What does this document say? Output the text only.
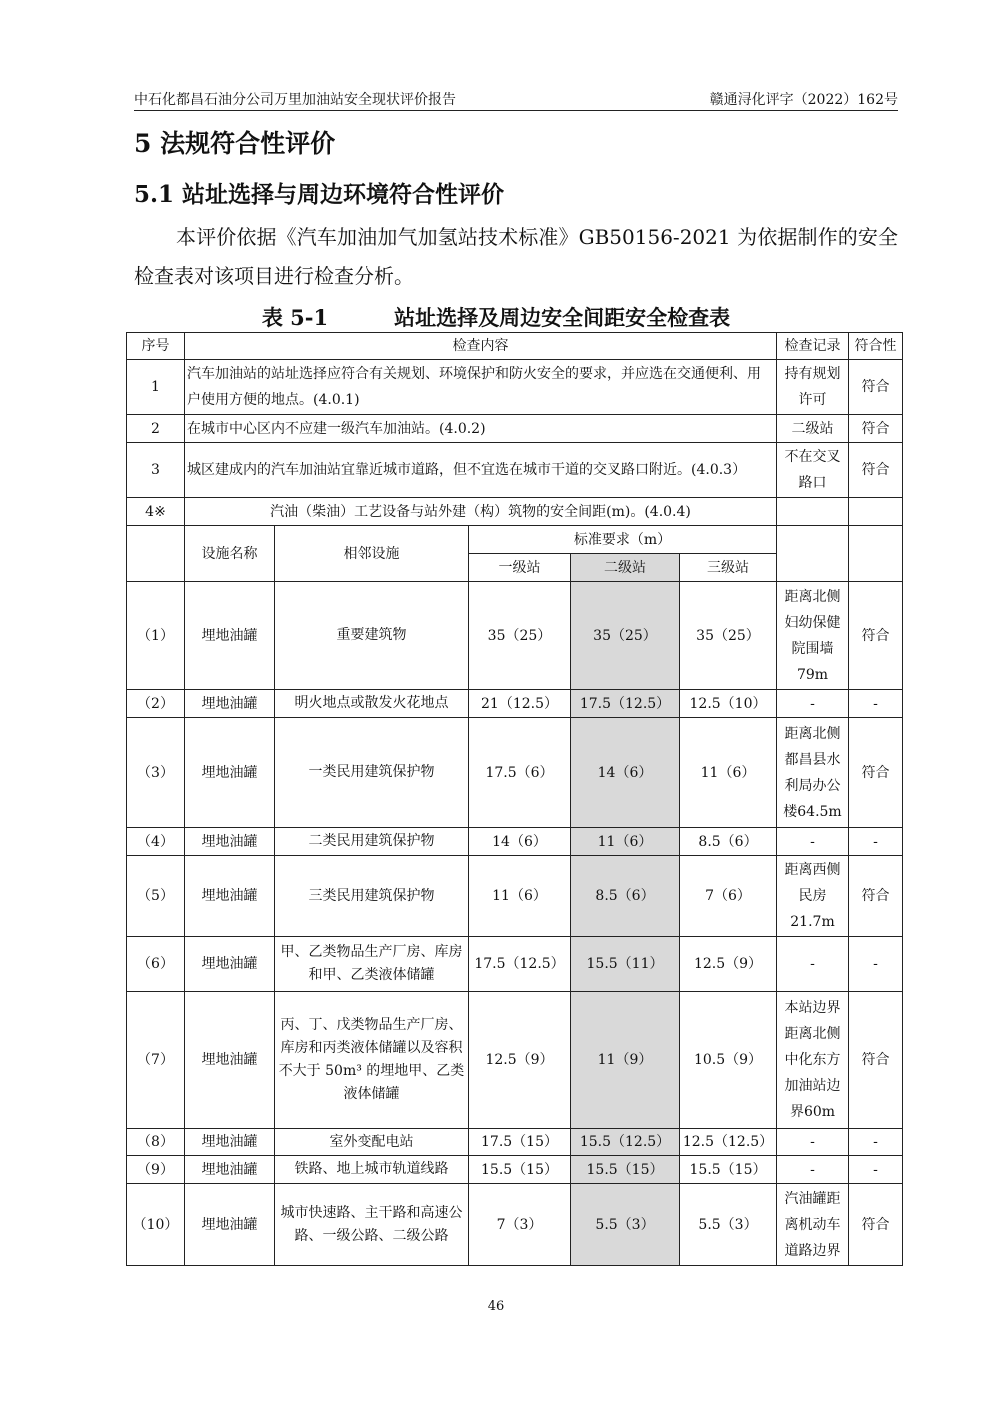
中石化都昌石油分公司万里加油站安全现状评价报告	赣通浔化评字（2022）162号
5 法规符合性评价
5.1 站址选择与周边环境符合性评价

本评价依据《汽车加油加气加氢站技术标准》GB50156-2021 为依据制作的安全检查表对该项目进行检查分析。

表 5-1	站址选择及周边安全间距安全检查表
序号	检查内容					检查记录	符合性
1	汽车加油站的站址选择应符合有关规划、环境保护和防火安全的要求，并应选在交通便利、用户使用方便的地点。(4.0.1)					持有规划许可	符合
2	在城市中心区内不应建一级汽车加油站。(4.0.2)					二级站	符合
3	城区建成内的汽车加油站宜靠近城市道路，但不宜选在城市干道的交叉路口附近。(4.0.3）					不在交叉路口	符合
4※	汽油（柴油）工艺设备与站外建（构）筑物的安全间距(m)。(4.0.4)						
	设施名称	相邻设施	标准要求（m）				
			一级站	二级站	三级站		
（1）	埋地油罐	重要建筑物	35（25）	35（25）	35（25）	距离北侧妇幼保健院围墙79m	符合
（2）	埋地油罐	明火地点或散发火花地点	21（12.5）	17.5（12.5）	12.5（10）	-	-
（3）	埋地油罐	一类民用建筑保护物	17.5（6）	14（6）	11（6）	距离北侧都昌县水利局办公楼64.5m	符合
（4）	埋地油罐	二类民用建筑保护物	14（6）	11（6）	8.5（6）	-	-
（5）	埋地油罐	三类民用建筑保护物	11（6）	8.5（6）	7（6）	距离西侧民房21.7m	符合
（6）	埋地油罐	甲、乙类物品生产厂房、库房和甲、乙类液体储罐	17.5（12.5）	15.5（11）	12.5（9）	-	-
（7）	埋地油罐	丙、丁、戊类物品生产厂房、库房和丙类液体储罐以及容积不大于 50m³ 的埋地甲、乙类液体储罐	12.5（9）	11（9）	10.5（9）	本站边界距离北侧中化东方加油站边界60m	符合
（8）	埋地油罐	室外变配电站	17.5（15）	15.5（12.5）	12.5（12.5）	-	-
（9）	埋地油罐	铁路、地上城市轨道线路	15.5（15）	15.5（15）	15.5（15）	-	-
（10）	埋地油罐	城市快速路、主干路和高速公路、一级公路、二级公路	7（3）	5.5（3）	5.5（3）	汽油罐距离机动车道路边界	符合
46
